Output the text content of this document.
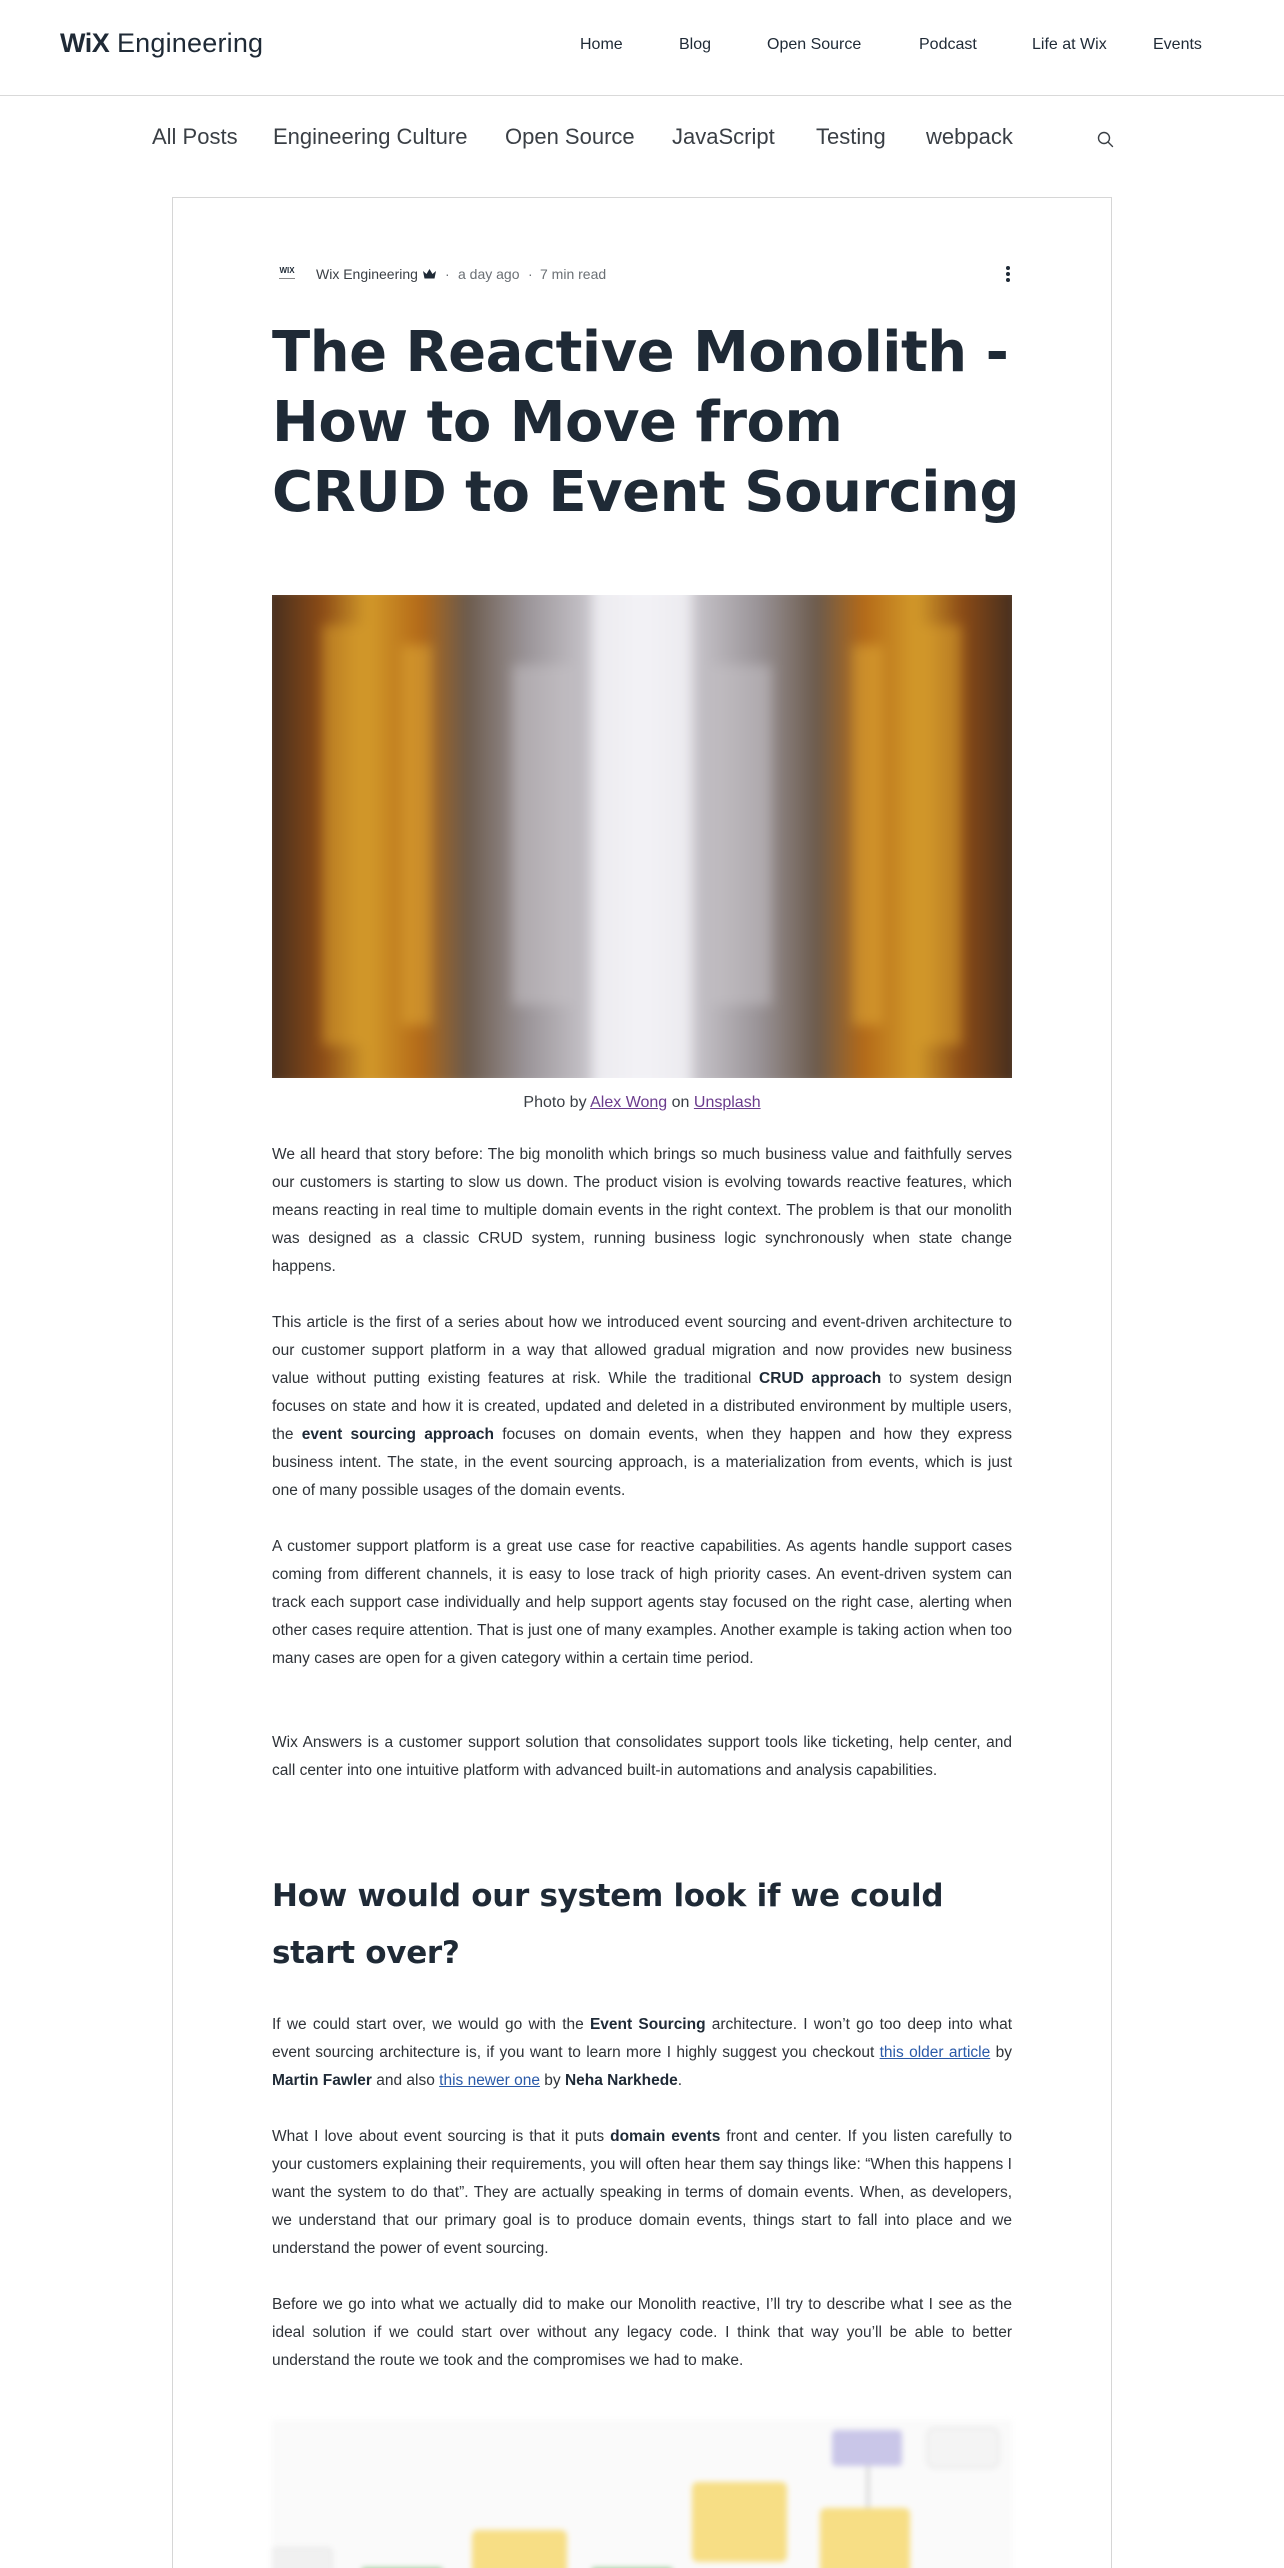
WiX Engineering	Home	Blog	Open Source	Podcast	Life at Wix	Events
All Posts Engineering Culture Open Source JavaScript Testing webpack
WIX	Wix Engineering · a day ago · 7 min read
The Reactive Monolith - How to Move from CRUD to Event Sourcing
Photo by Alex Wong on Unsplash

We all heard that story before: The big monolith which brings so much business value and faithfully serves our customers is starting to slow us down. The product vision is evolving towards reactive features, which means reacting in real time to multiple domain events in the right context. The problem is that our monolith was designed as a classic CRUD system, running business logic synchronously when state change happens.

This article is the first of a series about how we introduced event sourcing and event-driven architecture to our customer support platform in a way that allowed gradual migration and now provides new business value without putting existing features at risk. While the traditional CRUD approach to system design focuses on state and how it is created, updated and deleted in a distributed environment by multiple users, the event sourcing approach focuses on domain events, when they happen and how they express business intent. The state, in the event sourcing approach, is a materialization from events, which is just one of many possible usages of the domain events.

A customer support platform is a great use case for reactive capabilities. As agents handle support cases coming from different channels, it is easy to lose track of high priority cases. An event-driven system can track each support case individually and help support agents stay focused on the right case, alerting when other cases require attention. That is just one of many examples. Another example is taking action when too many cases are open for a given category within a certain time period.

Wix Answers is a customer support solution that consolidates support tools like ticketing, help center, and call center into one intuitive platform with advanced built-in automations and analysis capabilities.

How would our system look if we could start over?

If we could start over, we would go with the Event Sourcing architecture. I won’t go too deep into what event sourcing architecture is, if you want to learn more I highly suggest you checkout this older article by Martin Fawler and also this newer one by Neha Narkhede.

What I love about event sourcing is that it puts domain events front and center. If you listen carefully to your customers explaining their requirements, you will often hear them say things like: “When this happens I want the system to do that”. They are actually speaking in terms of domain events. When, as developers, we understand that our primary goal is to produce domain events, things start to fall into place and we understand the power of event sourcing.

Before we go into what we actually did to make our Monolith reactive, I’ll try to describe what I see as the ideal solution if we could start over without any legacy code. I think that way you’ll be able to better understand the route we took and the compromises we had to make.
